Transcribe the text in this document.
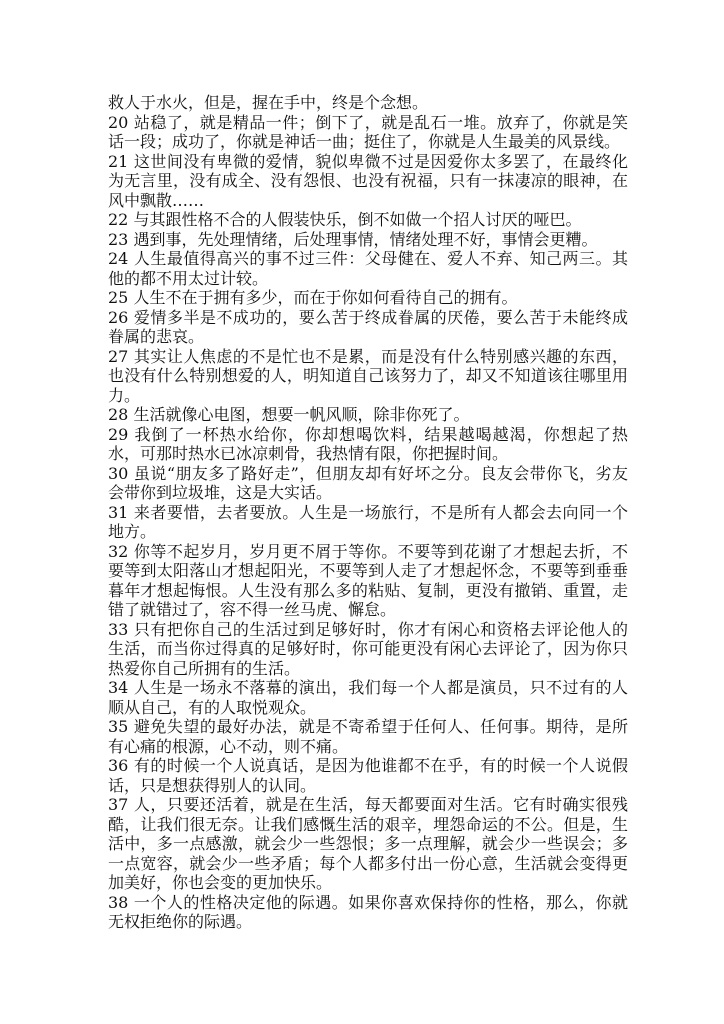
救人于水火，但是，握在手中，终是个念想。

20 站稳了，就是精品一件；倒下了，就是乱石一堆。放弃了，你就是笑话一段；成功了，你就是神话一曲；挺住了，你就是人生最美的风景线。

21 这世间没有卑微的爱情，貌似卑微不过是因爱你太多罢了，在最终化为无言里，没有成全、没有怨恨、也没有祝福，只有一抹凄凉的眼神，在风中飘散……

22 与其跟性格不合的人假装快乐，倒不如做一个招人讨厌的哑巴。

23 遇到事，先处理情绪，后处理事情，情绪处理不好，事情会更糟。

24 人生最值得高兴的事不过三件：父母健在、爱人不弃、知己两三。其他的都不用太过计较。

25 人生不在于拥有多少，而在于你如何看待自己的拥有。

26 爱情多半是不成功的，要么苦于终成眷属的厌倦，要么苦于未能终成眷属的悲哀。

27 其实让人焦虑的不是忙也不是累，而是没有什么特别感兴趣的东西，也没有什么特别想爱的人，明知道自己该努力了，却又不知道该往哪里用力。

28 生活就像心电图，想要一帆风顺，除非你死了。

29 我倒了一杯热水给你，你却想喝饮料，结果越喝越渴，你想起了热水，可那时热水已冰凉刺骨，我热情有限，你把握时间。

30 虽说“朋友多了路好走”，但朋友却有好坏之分。良友会带你飞，劣友会带你到垃圾堆，这是大实话。

31 来者要惜，去者要放。人生是一场旅行，不是所有人都会去向同一个地方。

32 你等不起岁月，岁月更不屑于等你。不要等到花谢了才想起去折，不要等到太阳落山才想起阳光，不要等到人走了才想起怀念，不要等到垂垂暮年才想起悔恨。人生没有那么多的粘贴、复制，更没有撤销、重置，走错了就错过了，容不得一丝马虎、懈怠。

33 只有把你自己的生活过到足够好时，你才有闲心和资格去评论他人的生活，而当你过得真的足够好时，你可能更没有闲心去评论了，因为你只热爱你自己所拥有的生活。

34 人生是一场永不落幕的演出，我们每一个人都是演员，只不过有的人顺从自己，有的人取悦观众。

35 避免失望的最好办法，就是不寄希望于任何人、任何事。期待，是所有心痛的根源，心不动，则不痛。

36 有的时候一个人说真话，是因为他谁都不在乎，有的时候一个人说假话，只是想获得别人的认同。

37 人，只要还活着，就是在生活，每天都要面对生活。它有时确实很残酷，让我们很无奈。让我们感慨生活的艰辛，埋怨命运的不公。但是，生活中，多一点感激，就会少一些怨恨；多一点理解，就会少一些误会；多一点宽容，就会少一些矛盾；每个人都多付出一份心意，生活就会变得更加美好，你也会变的更加快乐。

38 一个人的性格决定他的际遇。如果你喜欢保持你的性格，那么，你就无权拒绝你的际遇。
